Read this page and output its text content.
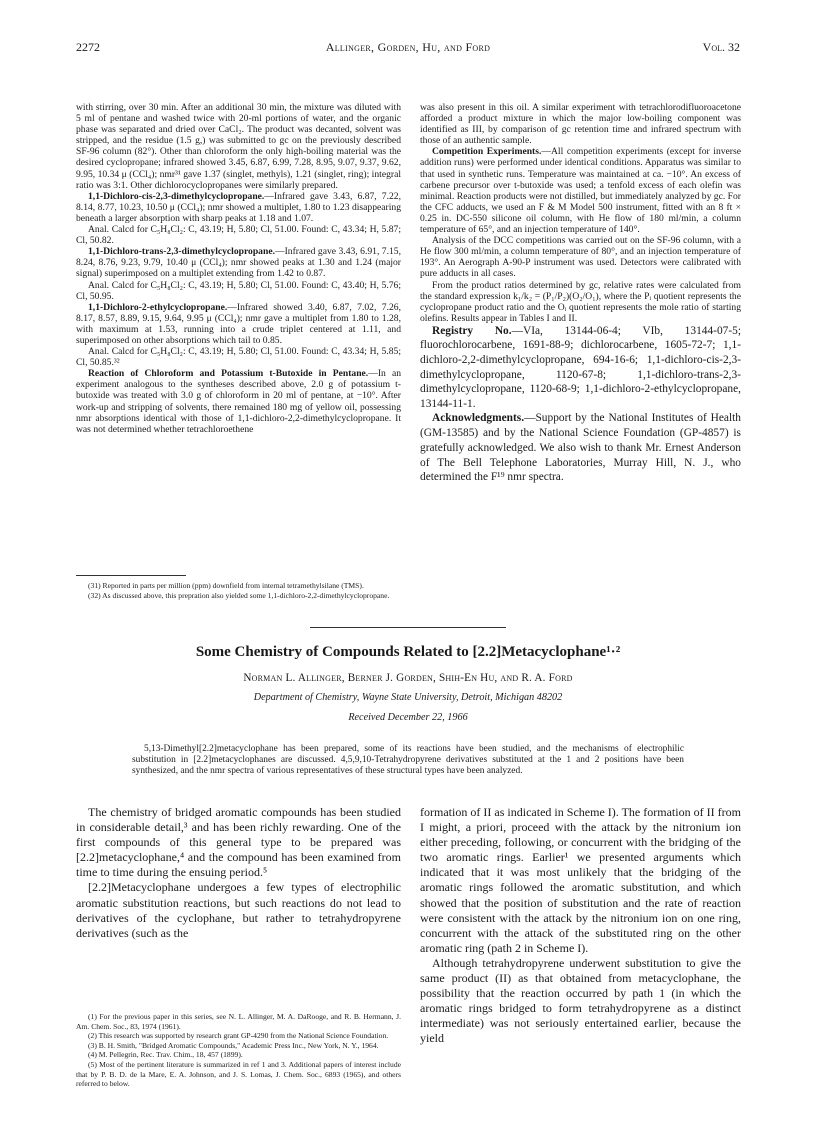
2272	Allinger, Gorden, Hu, and Ford	Vol. 32

with stirring, over 30 min. After an additional 30 min, the mixture was diluted with 5 ml of pentane and washed twice with 20-ml portions of water, and the organic phase was separated and dried over CaCl₂. The product was decanted, solvent was stripped, and the residue (1.5 g,) was submitted to gc on the previously described SF-96 column (82°). Other than chloroform the only high-boiling material was the desired cyclopropane; infrared showed 3.45, 6.87, 6.99, 7.28, 8.95, 9.07, 9.37, 9.62, 9.95, 10.34 μ (CCl₄); nmr³¹ gave 1.37 (singlet, methyls), 1.21 (singlet, ring); integral ratio was 3:1. Other dichlorocyclopropanes were similarly prepared.

1,1-Dichloro-cis-2,3-dimethylcyclopropane.—Infrared gave 3.43, 6.87, 7.22, 8.14, 8.77, 10.23, 10.50 μ (CCl₄); nmr showed a multiplet, 1.80 to 1.23 disappearing beneath a larger absorption with sharp peaks at 1.18 and 1.07.

Anal. Calcd for C₅H₈Cl₂: C, 43.19; H, 5.80; Cl, 51.00. Found: C, 43.34; H, 5.87; Cl, 50.82.

1,1-Dichloro-trans-2,3-dimethylcyclopropane.—Infrared gave 3.43, 6.91, 7.15, 8.24, 8.76, 9.23, 9.79, 10.40 μ (CCl₄); nmr showed peaks at 1.30 and 1.24 (major signal) superimposed on a multiplet extending from 1.42 to 0.87.

Anal. Calcd for C₅H₈Cl₂: C, 43.19; H, 5.80; Cl, 51.00. Found: C, 43.40; H, 5.76; Cl, 50.95.

1,1-Dichloro-2-ethylcyclopropane.—Infrared showed 3.40, 6.87, 7.02, 7.26, 8.17, 8.57, 8.89, 9.15, 9.64, 9.95 μ (CCl₄); nmr gave a multiplet from 1.80 to 1.28, with maximum at 1.53, running into a crude triplet centered at 1.11, and superimposed on other absorptions which tail to 0.85.

Anal. Calcd for C₅H₈Cl₂: C, 43.19; H, 5.80; Cl, 51.00. Found: C, 43.34; H, 5.85; Cl, 50.85.³²

Reaction of Chloroform and Potassium t-Butoxide in Pentane.—In an experiment analogous to the syntheses described above, 2.0 g of potassium t-butoxide was treated with 3.0 g of chloroform in 20 ml of pentane, at −10°. After work-up and stripping of solvents, there remained 180 mg of yellow oil, possessing nmr absorptions identical with those of 1,1-dichloro-2,2-dimethylcyclopropane. It was not determined whether tetrachloroethene

(31) Reported in parts per million (ppm) downfield from internal tetramethylsilane (TMS).

(32) As discussed above, this prepration also yielded some 1,1-dichloro-2,2-dimethylcyclopropane.

was also present in this oil. A similar experiment with tetrachlorodifluoroacetone afforded a product mixture in which the major low-boiling component was identified as III, by comparison of gc retention time and infrared spectrum with those of an authentic sample.

Competition Experiments.—All competition experiments (except for inverse addition runs) were performed under identical conditions. Apparatus was similar to that used in synthetic runs. Temperature was maintained at ca. −10°. An excess of carbene precursor over t-butoxide was used; a tenfold excess of each olefin was minimal. Reaction products were not distilled, but immediately analyzed by gc. For the CFC adducts, we used an F & M Model 500 instrument, fitted with an 8 ft × 0.25 in. DC-550 silicone oil column, with He flow of 180 ml/min, a column temperature of 65°, and an injection temperature of 140°.

Analysis of the DCC competitions was carried out on the SF-96 column, with a He flow 300 ml/min, a column temperature of 80°, and an injection temperature of 193°. An Aerograph A-90-P instrument was used. Detectors were calibrated with pure adducts in all cases.

From the product ratios determined by gc, relative rates were calculated from the standard expression k₁/k₂ = (P₁/P₂)(O₂/O₁), where the Pᵢ quotient represents the cyclopropane product ratio and the Oᵢ quotient represents the mole ratio of starting olefins. Results appear in Tables I and II.

Registry No.—VIa, 13144-06-4; VIb, 13144-07-5; fluorochlorocarbene, 1691-88-9; dichlorocarbene, 1605-72-7; 1,1-dichloro-2,2-dimethylcyclopropane, 694-16-6; 1,1-dichloro-cis-2,3-dimethylcyclopropane, 1120-67-8; 1,1-dichloro-trans-2,3-dimethylcyclopropane, 1120-68-9; 1,1-dichloro-2-ethylcyclopropane, 13144-11-1.

Acknowledgments.—Support by the National Institutes of Health (GM-13585) and by the National Science Foundation (GP-4857) is gratefully acknowledged. We also wish to thank Mr. Ernest Anderson of The Bell Telephone Laboratories, Murray Hill, N. J., who determined the F¹⁹ nmr spectra.

Some Chemistry of Compounds Related to [2.2]Metacyclophane¹·²
Norman L. Allinger, Berner J. Gorden, Shih-En Hu, and R. A. Ford
Department of Chemistry, Wayne State University, Detroit, Michigan 48202
Received December 22, 1966

5,13-Dimethyl[2.2]metacyclophane has been prepared, some of its reactions have been studied, and the mechanisms of electrophilic substitution in [2.2]metacyclophanes are discussed. 4,5,9,10-Tetrahydropyrene derivatives substituted at the 1 and 2 positions have been synthesized, and the nmr spectra of various representatives of these structural types have been analyzed.

The chemistry of bridged aromatic compounds has been studied in considerable detail,³ and has been richly rewarding. One of the first compounds of this general type to be prepared was [2.2]metacyclophane,⁴ and the compound has been examined from time to time during the ensuing period.⁵

[2.2]Metacyclophane undergoes a few types of electrophilic aromatic substitution reactions, but such reactions do not lead to derivatives of the cyclophane, but rather to tetrahydropyrene derivatives (such as the

(1) For the previous paper in this series, see N. L. Allinger, M. A. DaRooge, and R. B. Hermann, J. Am. Chem. Soc., 83, 1974 (1961).

(2) This research was supported by research grant GP-4290 from the National Science Foundation.

(3) B. H. Smith, "Bridged Aromatic Compounds," Academic Press Inc., New York, N. Y., 1964.

(4) M. Pellegrin, Rec. Trav. Chim., 18, 457 (1899).

(5) Most of the pertinent literature is summarized in ref 1 and 3. Additional papers of interest include that by P. B. D. de la Mare, E. A. Johnson, and J. S. Lomas, J. Chem. Soc., 6893 (1965), and others referred to below.

formation of II as indicated in Scheme I). The formation of II from I might, a priori, proceed with the attack by the nitronium ion either preceding, following, or concurrent with the bridging of the two aromatic rings. Earlier¹ we presented arguments which indicated that it was most unlikely that the bridging of the aromatic rings followed the aromatic substitution, and which showed that the position of substitution and the rate of reaction were consistent with the attack by the nitronium ion on one ring, concurrent with the attack of the substituted ring on the other aromatic ring (path 2 in Scheme I).

Although tetrahydropyrene underwent substitution to give the same product (II) as that obtained from metacyclophane, the possibility that the reaction occurred by path 1 (in which the aromatic rings bridged to form tetrahydropyrene as a distinct intermediate) was not seriously entertained earlier, because the yield
